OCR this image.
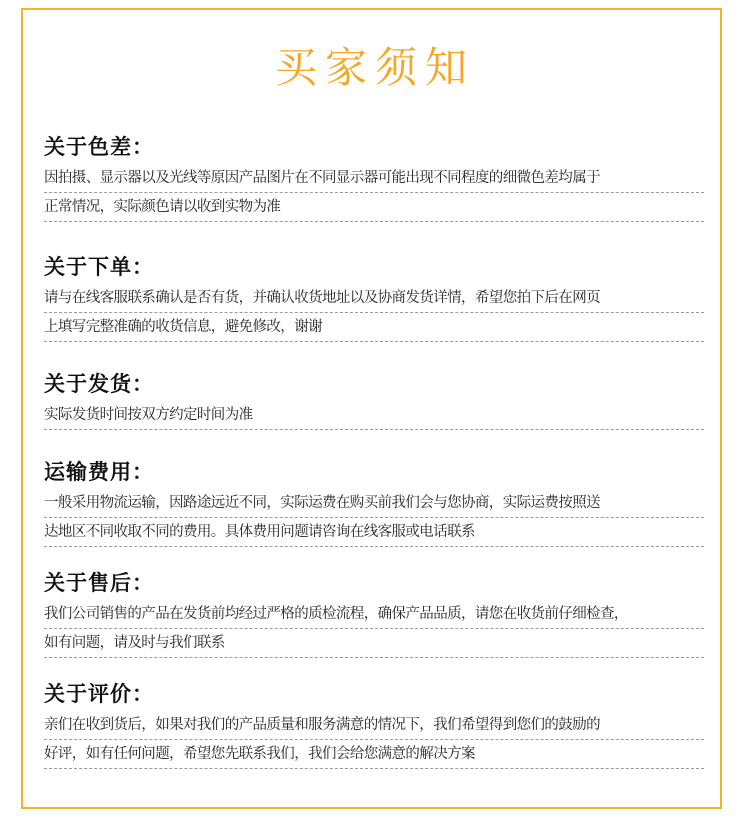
买家须知
关于色差：
因拍摄、显示器以及光线等原因产品图片在不同显示器可能出现不同程度的细微色差均属于
正常情况，实际颜色请以收到实物为准
关于下单：
请与在线客服联系确认是否有货，并确认收货地址以及协商发货详情，希望您拍下后在网页
上填写完整准确的收货信息，避免修改，谢谢
关于发货：
实际发货时间按双方约定时间为准
运输费用：
一般采用物流运输，因路途远近不同，实际运费在购买前我们会与您协商，实际运费按照送
达地区不同收取不同的费用。具体费用问题请咨询在线客服或电话联系
关于售后：
我们公司销售的产品在发货前均经过严格的质检流程，确保产品品质，请您在收货前仔细检查，
如有问题，请及时与我们联系
关于评价：
亲们在收到货后，如果对我们的产品质量和服务满意的情况下，我们希望得到您们的鼓励的
好评，如有任何问题，希望您先联系我们，我们会给您满意的解决方案
